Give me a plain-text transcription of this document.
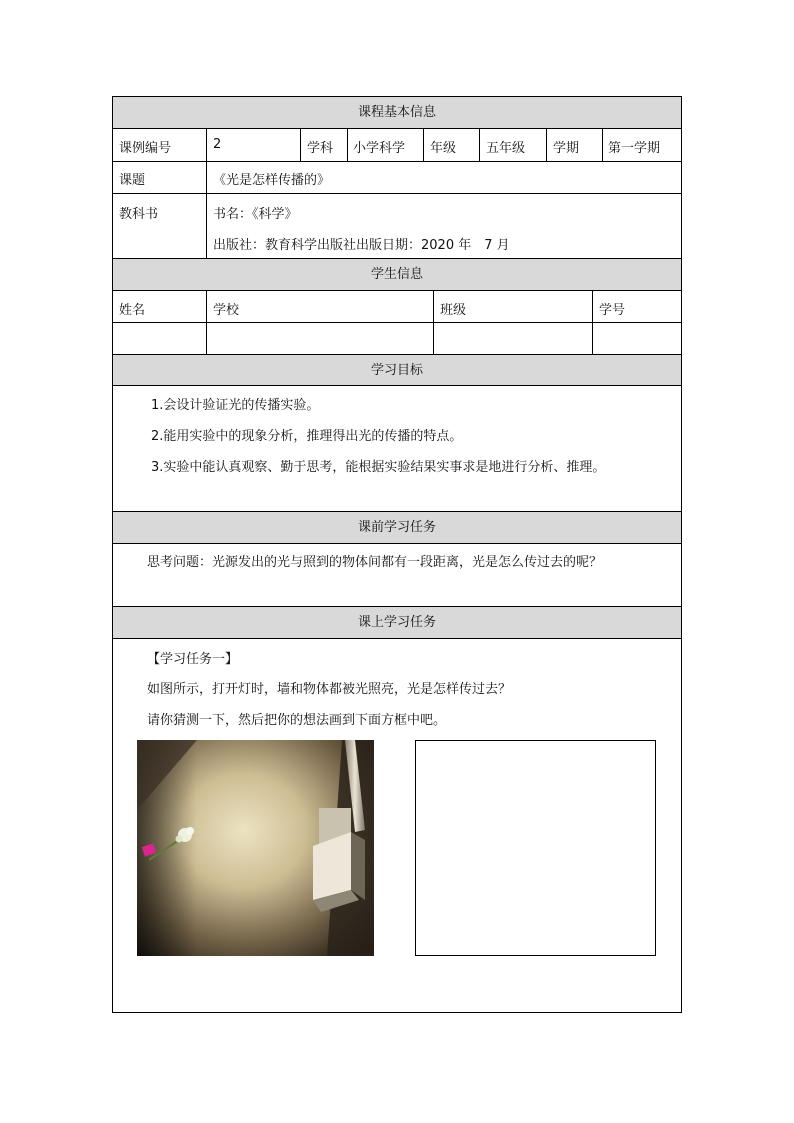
课程基本信息
课例编号	2	学科 小学科学 年级 五年级 学期 第一学期
课题	《光是怎样传播的》
教科书	书名：《科学》
出版社：教育科学出版社出版日期：2020 年　7 月
学生信息
姓名	学校	班级	学号
学习目标
1.会设计验证光的传播实验。
2.能用实验中的现象分析，推理得出光的传播的特点。
3.实验中能认真观察、勤于思考，能根据实验结果实事求是地进行分析、推理。
课前学习任务
思考问题：光源发出的光与照到的物体间都有一段距离，光是怎么传过去的呢？
课上学习任务
【学习任务一】
如图所示，打开灯时，墙和物体都被光照亮，光是怎样传过去？
请你猜测一下，然后把你的想法画到下面方框中吧。
